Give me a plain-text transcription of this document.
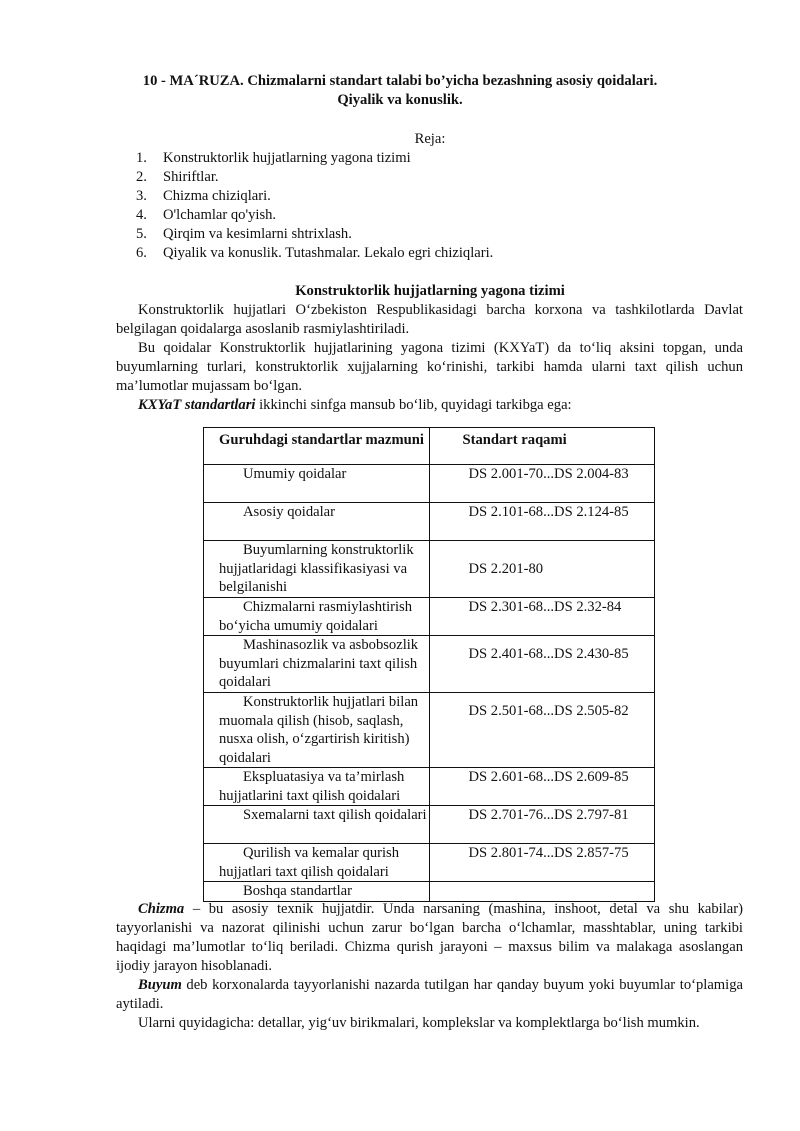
10 - MA´RUZA. Chizmalarni standart talabi bo’yicha bezashning asosiy qoidalari.
Qiyalik va konuslik.
Reja:
1. Konstruktorlik hujjatlarning yagona tizimi
2. Shiriftlar.
3. Chizma chiziqlari.
4. O'lchamlar qo'yish.
5. Qirqim va kesimlarni shtrixlash.
6. Qiyalik va konuslik. Tutashmalar. Lekalo egri chiziqlari.
Konstruktorlik hujjatlarning yagona tizimi
Konstruktorlik hujjatlari O‘zbekiston Respublikasidagi barcha korxona va tashkilotlarda Davlat belgilagan qoidalarga asoslanib rasmiylashtiriladi.
Bu qoidalar Konstruktorlik hujjatlarining yagona tizimi (KXYaT) da to‘liq aksini topgan, unda buyumlarning turlari, konstruktorlik xujjalarning ko‘rinishi, tarkibi hamda ularni taxt qilish uchun ma’lumotlar mujassam bo‘lgan.
KXYaT standartlari ikkinchi sinfga mansub bo‘lib, quyidagi tarkibga ega:
Guruhdagi standartlar mazmuni	Standart raqami

Umumiy qoidalar	DS 2.001-70...DS 2.004-83

Asosiy qoidalar	DS 2.101-68...DS 2.124-85

Buyumlarning konstruktorlik hujjatlaridagi klassifikasiyasi va belgilanishi	DS 2.201-80

Chizmalarni rasmiylashtirish bo‘yicha umumiy qoidalari	DS 2.301-68...DS 2.32-84

Mashinasozlik va asbobsozlik buyumlari chizmalarini taxt qilish qoidalari	DS 2.401-68...DS 2.430-85

Konstruktorlik hujjatlari bilan muomala qilish (hisob, saqlash, nusxa olish, o‘zgartirish kiritish) qoidalari	DS 2.501-68...DS 2.505-82

Ekspluatasiya va ta’mirlash hujjatlarini taxt qilish qoidalari	DS 2.601-68...DS 2.609-85

Sxemalarni taxt qilish qoidalari	DS 2.701-76...DS 2.797-81

Qurilish va kemalar qurish hujjatlari taxt qilish qoidalari	DS 2.801-74...DS 2.857-75

Boshqa standartlar	

Chizma – bu asosiy texnik hujjatdir. Unda narsaning (mashina, inshoot, detal va shu kabilar) tayyorlanishi va nazorat qilinishi uchun zarur bo‘lgan barcha o‘lchamlar, masshtablar, uning tarkibi haqidagi ma’lumotlar to‘liq beriladi. Chizma qurish jarayoni – maxsus bilim va malakaga asoslangan ijodiy jarayon hisoblanadi.
Buyum deb korxonalarda tayyorlanishi nazarda tutilgan har qanday buyum yoki buyumlar to‘plamiga aytiladi.
Ularni quyidagicha: detallar, yig‘uv birikmalari, komplekslar va komplektlarga bo‘lish mumkin.
